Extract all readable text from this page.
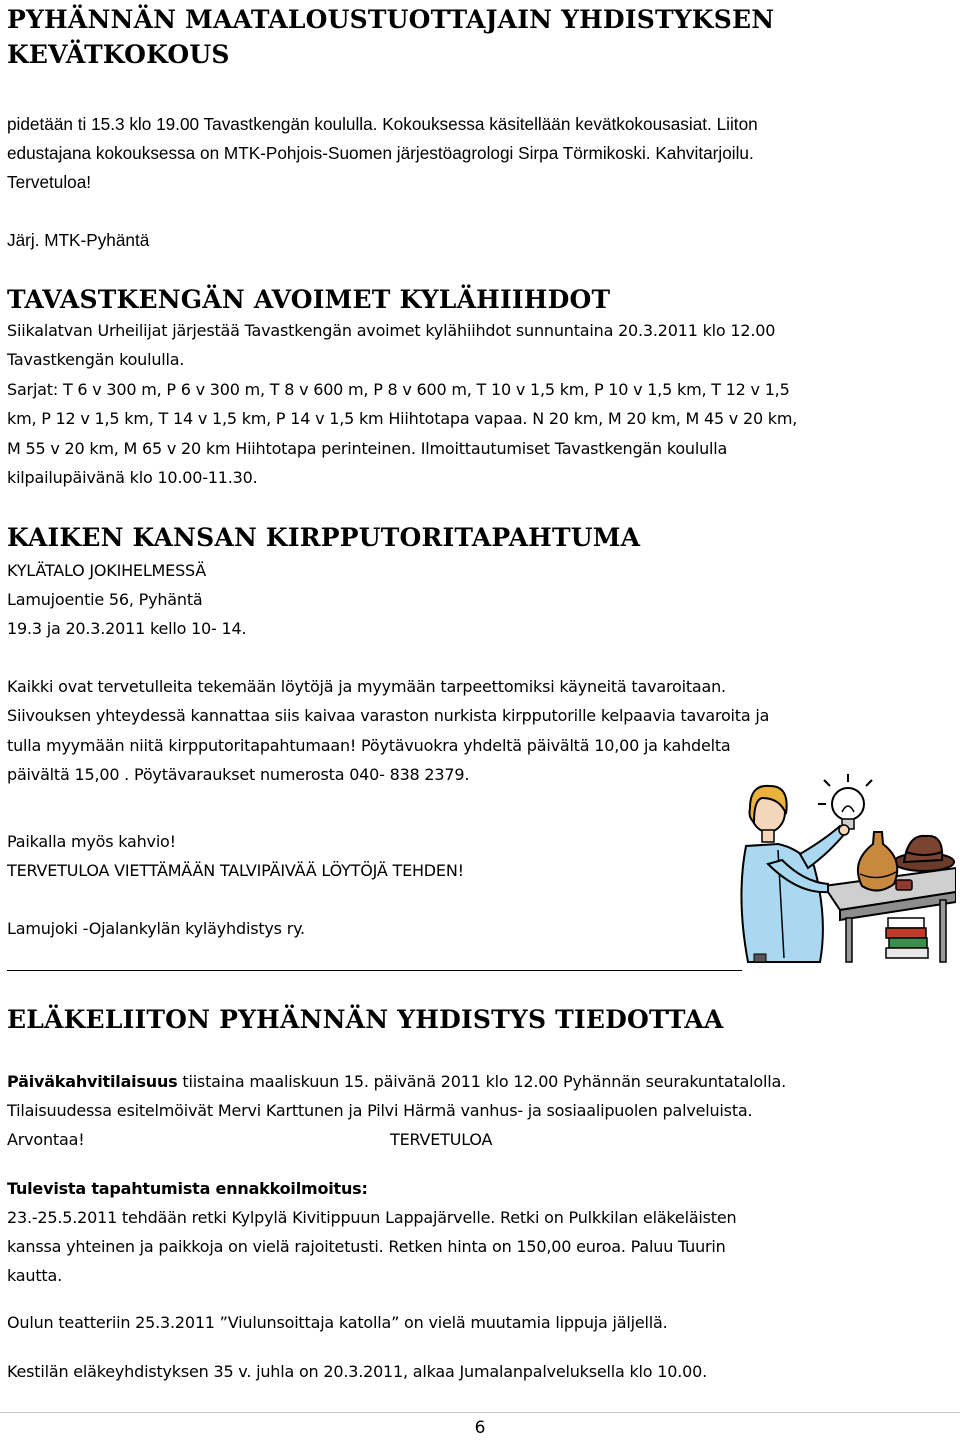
PYHÄNNÄN MAATALOUSTUOTTAJAIN YHDISTYKSEN
KEVÄTKOKOUS
pidetään ti 15.3 klo 19.00 Tavastkengän koululla. Kokouksessa käsitellään kevätkokousasiat. Liiton
edustajana kokouksessa on MTK-Pohjois-Suomen järjestöagrologi Sirpa Törmikoski. Kahvitarjoilu.
Tervetuloa!
Järj. MTK-Pyhäntä
TAVASTKENGÄN AVOIMET KYLÄHIIHDOT
Siikalatvan Urheilijat järjestää Tavastkengän avoimet kylähiihdot sunnuntaina 20.3.2011 klo 12.00
Tavastkengän koululla.
Sarjat: T 6 v 300 m, P 6 v 300 m, T 8 v 600 m, P 8 v 600 m, T 10 v 1,5 km, P 10 v 1,5 km, T 12 v 1,5
km, P 12 v 1,5 km, T 14 v 1,5 km, P 14 v 1,5 km Hiihtotapa vapaa. N 20 km, M 20 km, M 45 v 20 km,
M 55 v 20 km, M 65 v 20 km Hiihtotapa perinteinen. Ilmoittautumiset Tavastkengän koululla
kilpailupäivänä klo 10.00-11.30.
KAIKEN KANSAN KIRPPUTORITAPAHTUMA
KYLÄTALO JOKIHELMESSÄ
Lamujoentie 56, Pyhäntä
19.3 ja 20.3.2011 kello 10- 14.
Kaikki ovat tervetulleita tekemään löytöjä ja myymään tarpeettomiksi käyneitä tavaroitaan.
Siivouksen yhteydessä kannattaa siis kaivaa varaston nurkista kirpputorille kelpaavia tavaroita ja
tulla myymään niitä kirpputoritapahtumaan! Pöytävuokra yhdeltä päivältä 10,00 ja kahdelta
päivältä 15,00 . Pöytävaraukset numerosta 040- 838 2379.
Paikalla myös kahvio!
TERVETULOA VIETTÄMÄÄN TALVIPÄIVÄÄ LÖYTÖJÄ TEHDEN!
Lamujoki -Ojalankylän kyläyhdistys ry.
ELÄKELIITON PYHÄNNÄN YHDISTYS TIEDOTTAA
Päiväkahvitilaisuus tiistaina maaliskuun 15. päivänä 2011 klo 12.00 Pyhännän seurakuntatalolla.
Tilaisuudessa esitelmöivät Mervi Karttunen ja Pilvi Härmä vanhus- ja sosiaalipuolen palveluista.
Arvontaa!	TERVETULOA
Tulevista tapahtumista ennakkoilmoitus:
23.-25.5.2011 tehdään retki Kylpylä Kivitippuun Lappajärvelle. Retki on Pulkkilan eläkeläisten
kanssa yhteinen ja paikkoja on vielä rajoitetusti. Retken hinta on 150,00 euroa. Paluu Tuurin
kautta.
Oulun teatteriin 25.3.2011 ”Viulunsoittaja katolla” on vielä muutamia lippuja jäljellä.
Kestilän eläkeyhdistyksen 35 v. juhla on 20.3.2011, alkaa Jumalanpalveluksella klo 10.00.
6
